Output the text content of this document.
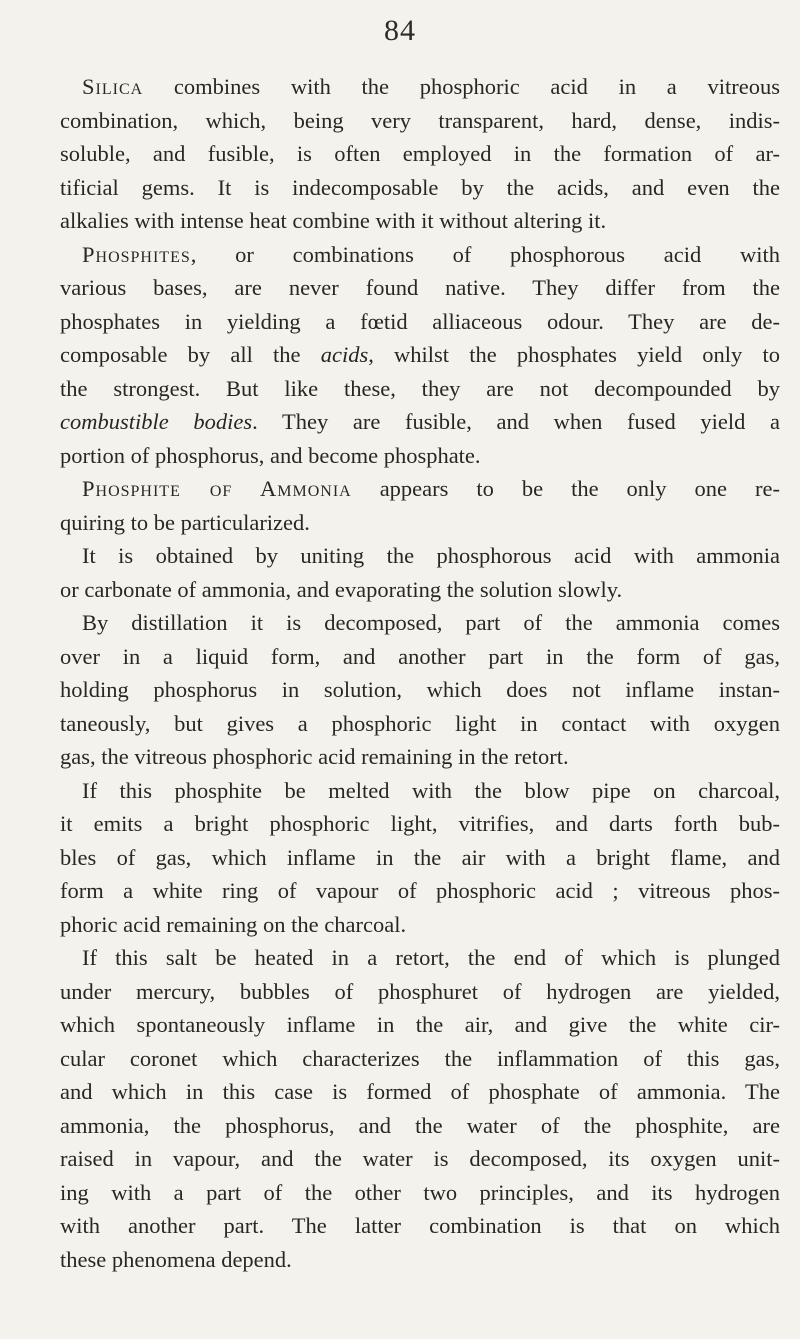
84
Silica combines with the phosphoric acid in a vitreous
combination, which, being very transparent, hard, dense, indis-
soluble, and fusible, is often employed in the formation of ar-
tificial gems. It is indecomposable by the acids, and even the
alkalies with intense heat combine with it without altering it.
Phosphites, or combinations of phosphorous acid with
various bases, are never found native. They differ from the
phosphates in yielding a fœtid alliaceous odour. They are de-
composable by all the acids, whilst the phosphates yield only to
the strongest. But like these, they are not decompounded by
combustible bodies. They are fusible, and when fused yield a
portion of phosphorus, and become phosphate.
Phosphite of Ammonia appears to be the only one re-
quiring to be particularized.
It is obtained by uniting the phosphorous acid with ammonia
or carbonate of ammonia, and evaporating the solution slowly.
By distillation it is decomposed, part of the ammonia comes
over in a liquid form, and another part in the form of gas,
holding phosphorus in solution, which does not inflame instan-
taneously, but gives a phosphoric light in contact with oxygen
gas, the vitreous phosphoric acid remaining in the retort.
If this phosphite be melted with the blow pipe on charcoal,
it emits a bright phosphoric light, vitrifies, and darts forth bub-
bles of gas, which inflame in the air with a bright flame, and
form a white ring of vapour of phosphoric acid ; vitreous phos-
phoric acid remaining on the charcoal.
If this salt be heated in a retort, the end of which is plunged
under mercury, bubbles of phosphuret of hydrogen are yielded,
which spontaneously inflame in the air, and give the white cir-
cular coronet which characterizes the inflammation of this gas,
and which in this case is formed of phosphate of ammonia. The
ammonia, the phosphorus, and the water of the phosphite, are
raised in vapour, and the water is decomposed, its oxygen unit-
ing with a part of the other two principles, and its hydrogen
with another part. The latter combination is that on which
these phenomena depend.
